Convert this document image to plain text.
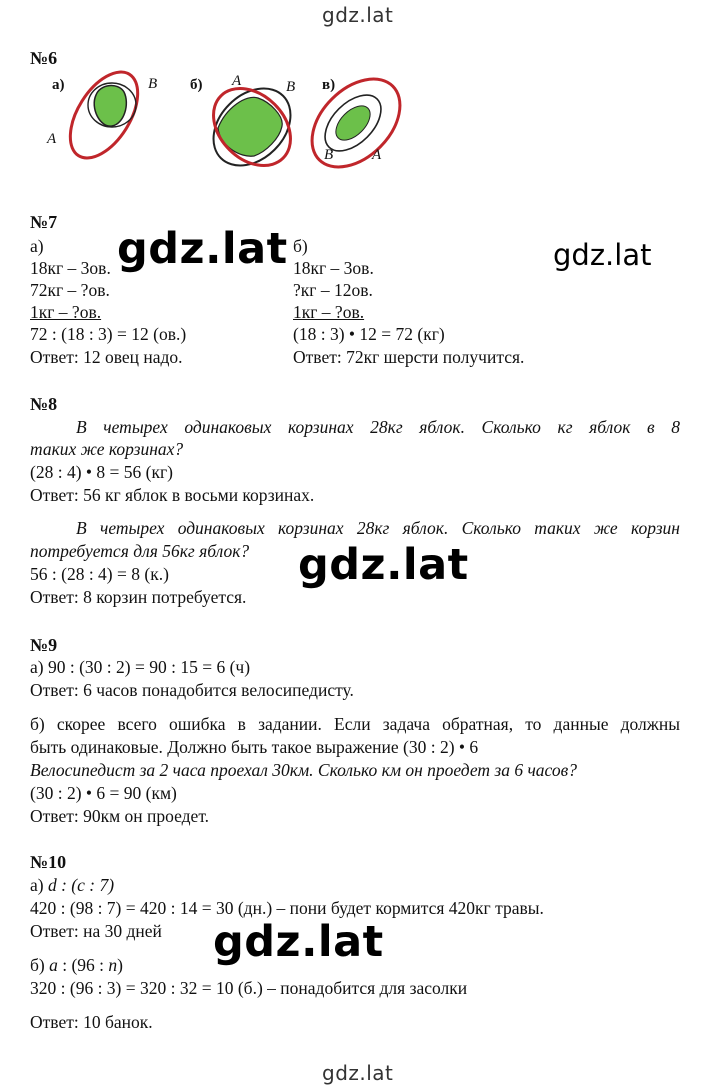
gdz.lat
№6
а)	б)	в)
A
B	A	B
A
B
№7
а)
18кг – 3ов.
72кг – ?ов.
1кг – ?ов.
72 : (18 : 3) = 12 (ов.)
Ответ: 12 овец надо.
б)
18кг – 3ов.
?кг – 12ов.
1кг – ?ов.
(18 : 3) • 12 = 72 (кг)
Ответ: 72кг шерсти получится.
gdz.lat	gdz.lat
№8
В четырех одинаковых корзинах 28кг яблок. Сколько кг яблок в 8
таких же корзинах?
(28 : 4) • 8 = 56 (кг)
Ответ: 56 кг яблок в восьми корзинах.
В четырех одинаковых корзинах 28кг яблок. Сколько таких же корзин
потребуется для 56кг яблок?
56 : (28 : 4) = 8 (к.)
Ответ: 8 корзин потребуется.
gdz.lat
№9
а) 90 : (30 : 2) = 90 : 15 = 6 (ч)
Ответ: 6 часов понадобится велосипедисту.
б) скорее всего ошибка в задании. Если задача обратная, то данные должны
быть одинаковые. Должно быть такое выражение (30 : 2) • 6
Велосипедист за 2 часа проехал 30км. Сколько км он проедет за 6 часов?
(30 : 2) • 6 = 90 (км)
Ответ: 90км он проедет.
№10
а) d : (c : 7)
420 : (98 : 7) = 420 : 14 = 30 (дн.) – пони будет кормится 420кг травы.
Ответ: на 30 дней
б) a : (96 : n)
320 : (96 : 3) = 320 : 32 = 10 (б.) – понадобится для засолки
Ответ: 10 банок.
gdz.lat
gdz.lat
